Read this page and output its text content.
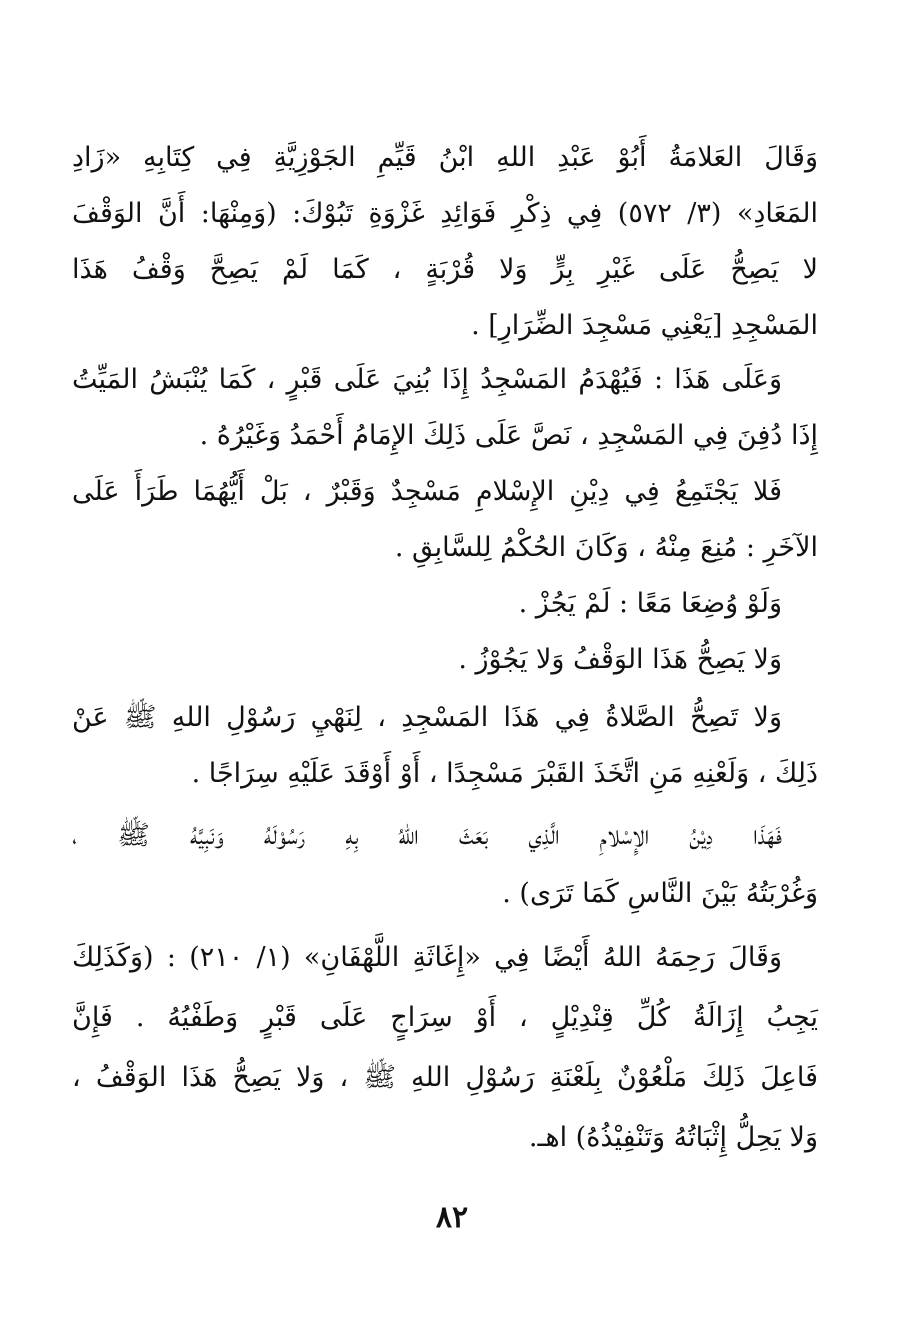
وَقَالَ العَلامَةُ أَبُوْ عَبْدِ اللهِ ابْنُ قَيِّمِ الجَوْزِيَّةِ فِي كِتَابِهِ «زَادِ
المَعَادِ» (٣/ ٥٧٢) فِي ذِكْرِ فَوَائِدِ غَزْوَةِ تَبُوْكَ: (وَمِنْهَا: أَنَّ الوَقْفَ
لا يَصِحُّ عَلَى غَيْرِ بِرٍّ وَلا قُرْبَةٍ ، كَمَا لَمْ يَصِحَّ وَقْفُ هَذَا
المَسْجِدِ [يَعْنِي مَسْجِدَ الضِّرَارِ] .
وَعَلَى هَذَا : فَيُهْدَمُ المَسْجِدُ إِذَا بُنِيَ عَلَى قَبْرٍ ، كَمَا يُنْبَشُ المَيِّتُ
إِذَا دُفِنَ فِي المَسْجِدِ ، نَصَّ عَلَى ذَلِكَ الإِمَامُ أَحْمَدُ وَغَيْرُهُ .
فَلا يَجْتَمِعُ فِي دِيْنِ الإِسْلامِ مَسْجِدٌ وَقَبْرٌ ، بَلْ أَيُّهُمَا طَرَأَ عَلَى
الآخَرِ : مُنِعَ مِنْهُ ، وَكَانَ الحُكْمُ لِلسَّابِقِ .
وَلَوْ وُضِعَا مَعًا : لَمْ يَجُزْ .
وَلا يَصِحُّ هَذَا الوَقْفُ وَلا يَجُوْزُ .
وَلا تَصِحُّ الصَّلاةُ فِي هَذَا المَسْجِدِ ، لِنَهْيِ رَسُوْلِ اللهِ ﷺ عَنْ
ذَلِكَ ، وَلَعْنِهِ مَنِ اتَّخَذَ القَبْرَ مَسْجِدًا ، أَوْ أَوْقَدَ عَلَيْهِ سِرَاجًا .
فَهَذَا دِيْنُ الإِسْلامِ الَّذِي بَعَثَ اللهُ بِهِ رَسُوْلَهُ وَنَبِيَّهُ ﷺ ،
وَغُرْبَتُهُ بَيْنَ النَّاسِ كَمَا تَرَى) .
وَقَالَ رَحِمَهُ اللهُ أَيْضًا فِي «إِغَاثَةِ اللَّهْفَانِ» (١/ ٢١٠) : (وَكَذَلِكَ
يَجِبُ إِزَالَةُ كُلِّ قِنْدِيْلٍ ، أَوْ سِرَاجٍ عَلَى قَبْرٍ وَطَفْيُهُ . فَإِنَّ
فَاعِلَ ذَلِكَ مَلْعُوْنٌ بِلَعْنَةِ رَسُوْلِ اللهِ ﷺ ، وَلا يَصِحُّ هَذَا الوَقْفُ ،
وَلا يَحِلُّ إِثْبَاتُهُ وَتَنْفِيْذُهُ) اهـ.
٨٢
